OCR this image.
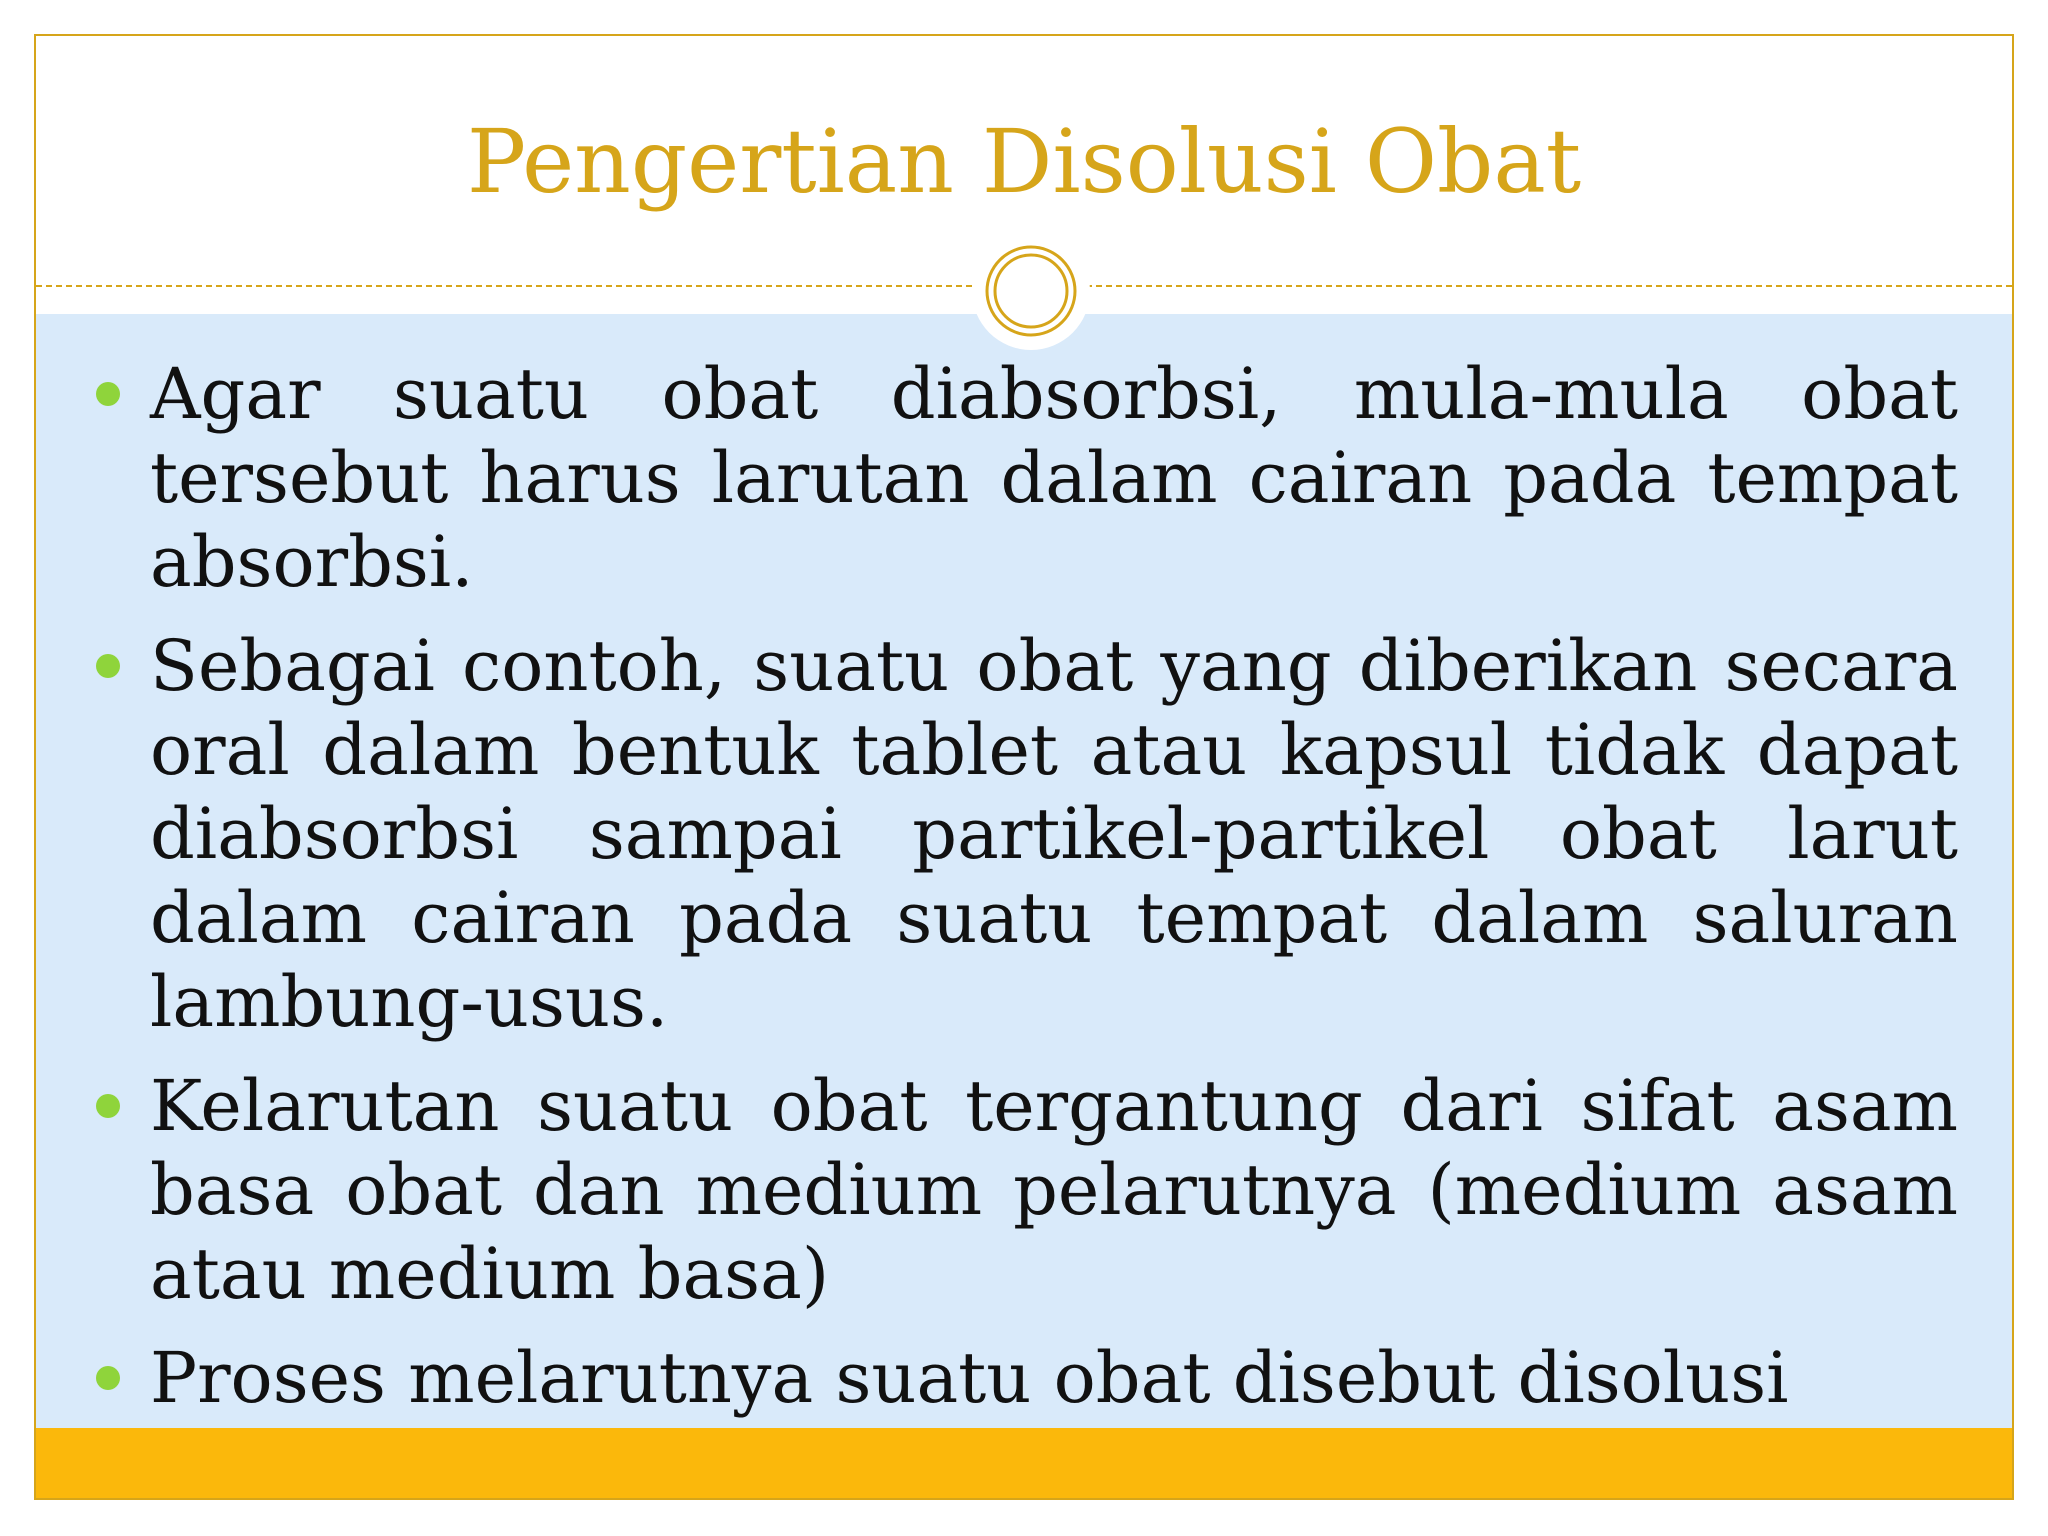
Pengertian Disolusi Obat
Agar suatu obat diabsorbsi, mula-mula obat tersebut harus larutan dalam cairan pada tempat absorbsi.
Sebagai contoh, suatu obat yang diberikan secara oral dalam bentuk tablet atau kapsul tidak dapat diabsorbsi sampai partikel-partikel obat larut dalam cairan pada suatu tempat dalam saluran lambung-usus.
Kelarutan suatu obat tergantung dari sifat asam basa obat dan medium pelarutnya (medium asam atau medium basa)
Proses melarutnya suatu obat disebut disolusi
